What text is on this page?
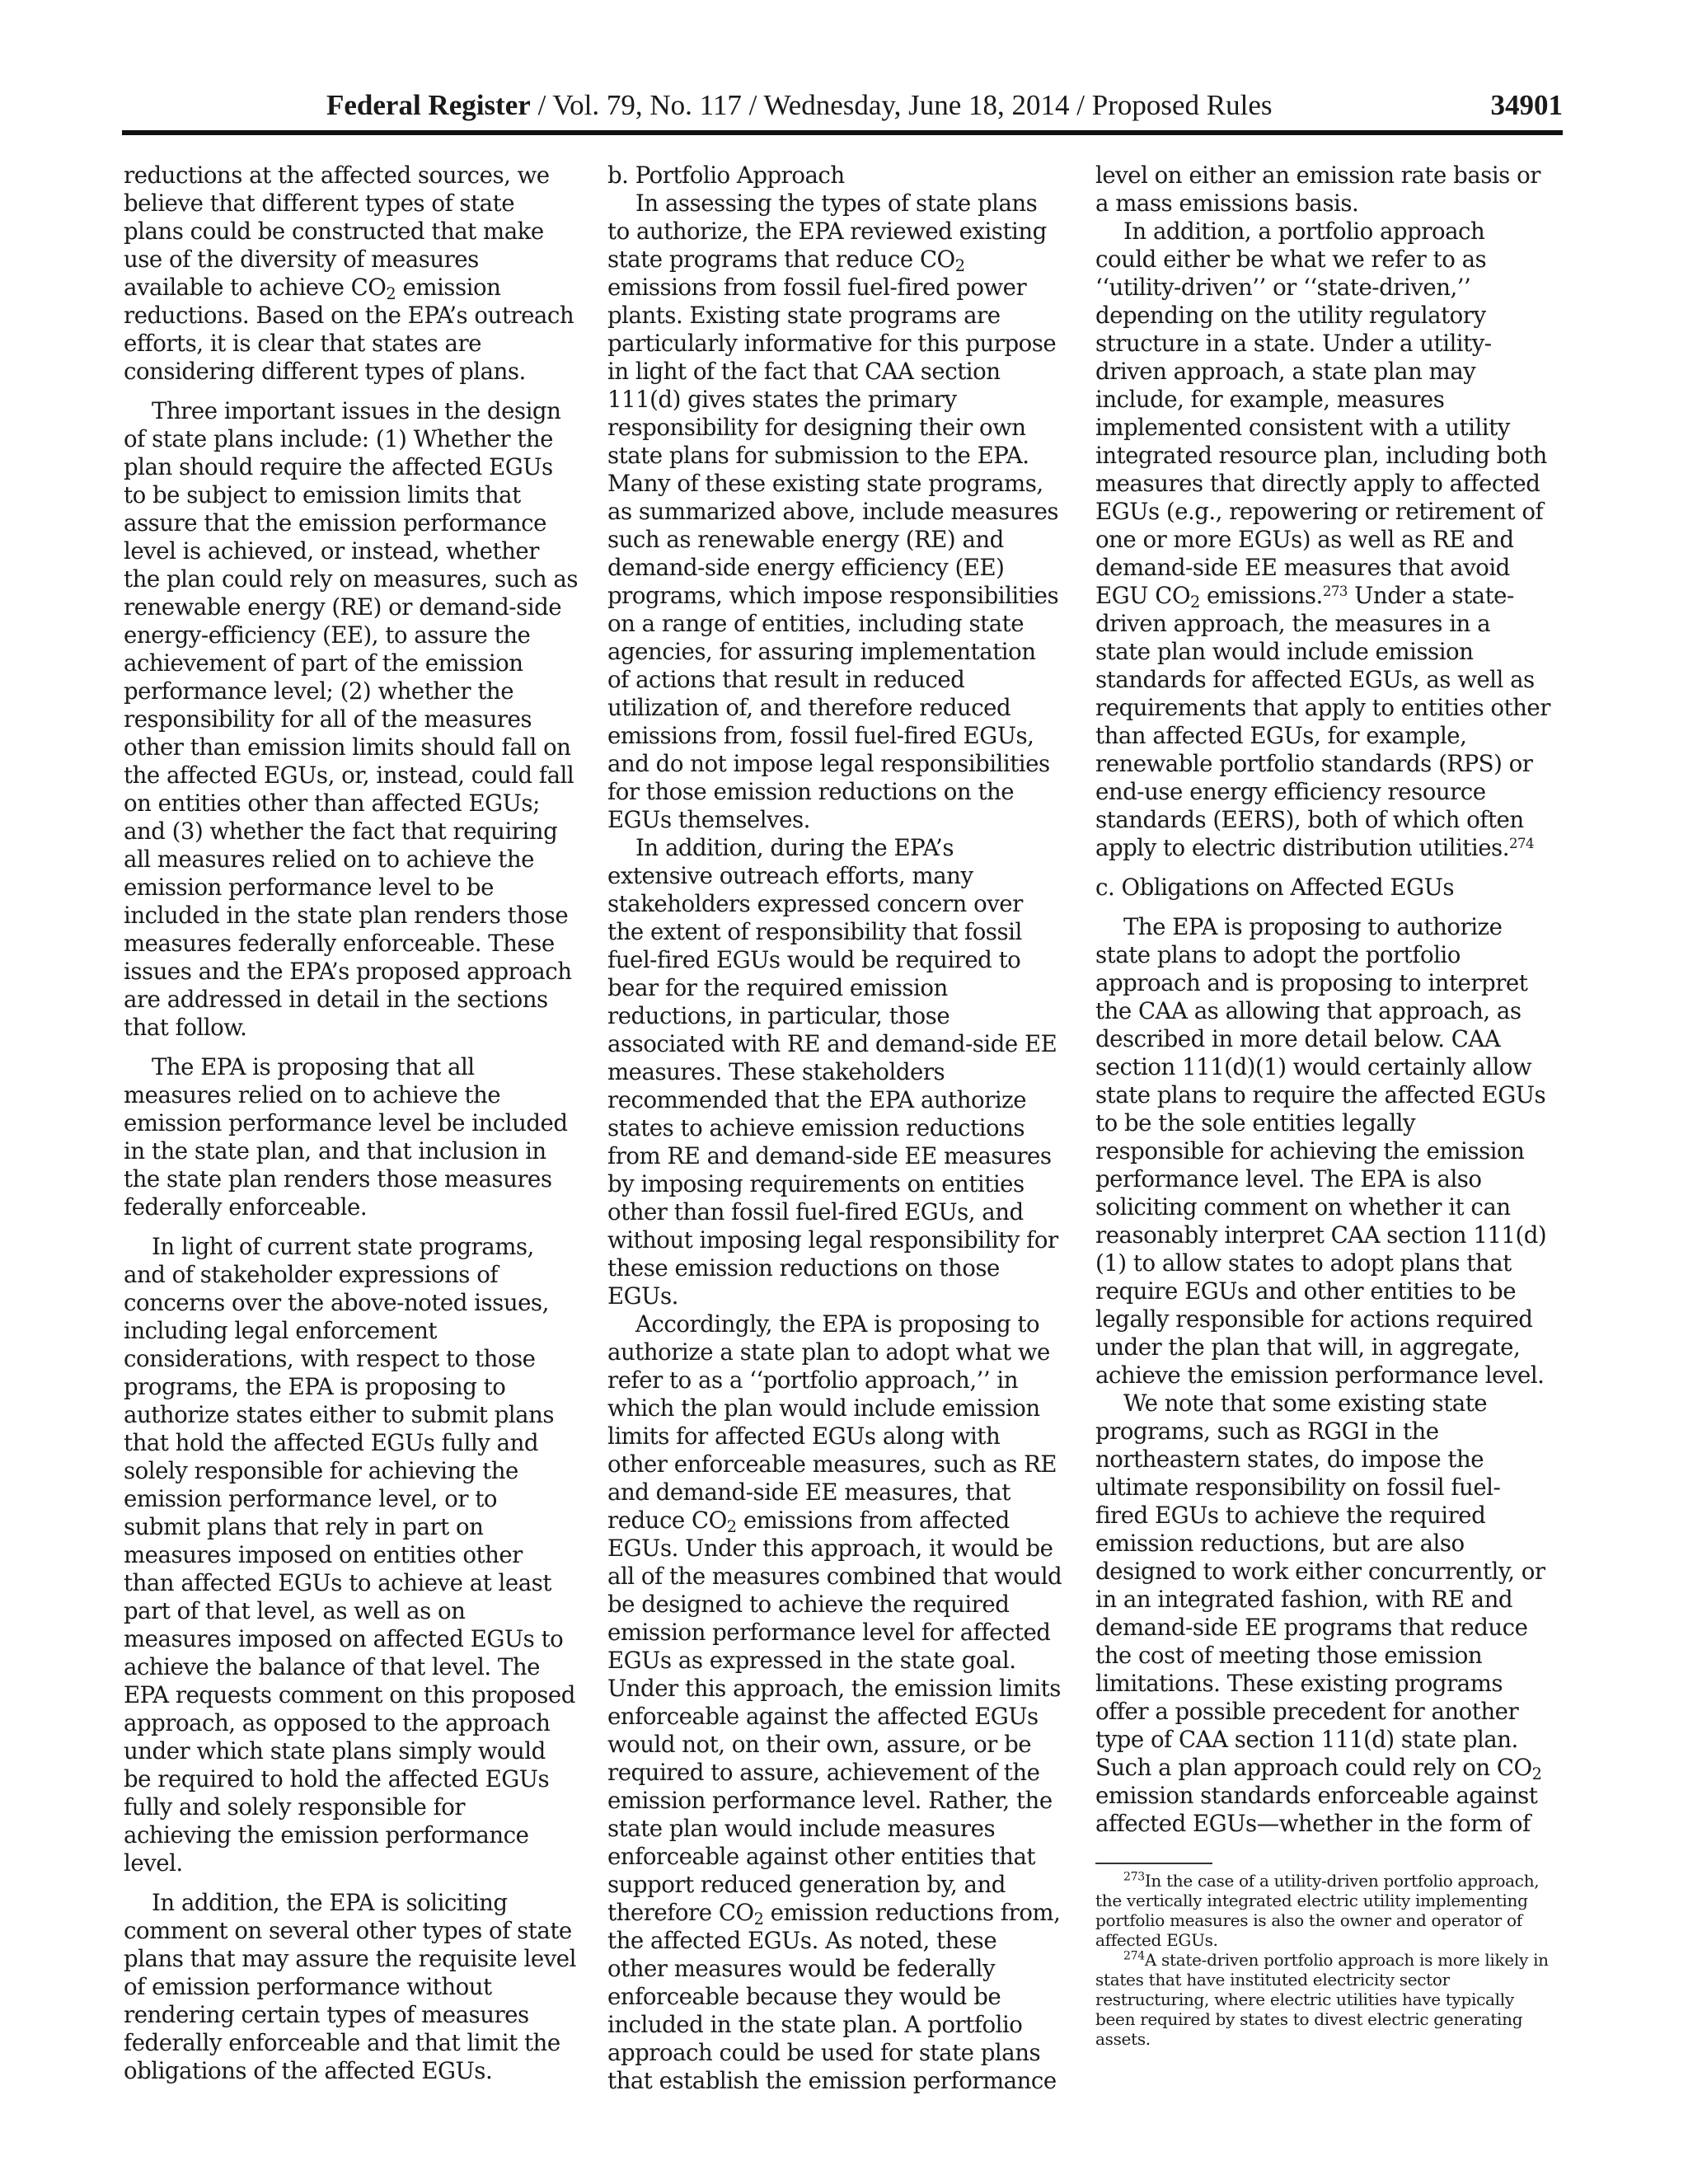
Federal Register / Vol. 79, No. 117 / Wednesday, June 18, 2014 / Proposed Rules	34901

reductions at the affected sources, we believe that different types of state plans could be constructed that make use of the diversity of measures available to achieve $CO_2$ emission reductions. Based on the EPA’s outreach efforts, it is clear that states are considering different types of plans.

Three important issues in the design of state plans include: (1) Whether the plan should require the affected EGUs to be subject to emission limits that assure that the emission performance level is achieved, or instead, whether the plan could rely on measures, such as renewable energy (RE) or demand-side energy-efficiency (EE), to assure the achievement of part of the emission performance level; (2) whether the responsibility for all of the measures other than emission limits should fall on the affected EGUs, or, instead, could fall on entities other than affected EGUs; and (3) whether the fact that requiring all measures relied on to achieve the emission performance level to be included in the state plan renders those measures federally enforceable. These issues and the EPA’s proposed approach are addressed in detail in the sections that follow.

The EPA is proposing that all measures relied on to achieve the emission performance level be included in the state plan, and that inclusion in the state plan renders those measures federally enforceable.

In light of current state programs, and of stakeholder expressions of concerns over the above-noted issues, including legal enforcement considerations, with respect to those programs, the EPA is proposing to authorize states either to submit plans that hold the affected EGUs fully and solely responsible for achieving the emission performance level, or to submit plans that rely in part on measures imposed on entities other than affected EGUs to achieve at least part of that level, as well as on measures imposed on affected EGUs to achieve the balance of that level. The EPA requests comment on this proposed approach, as opposed to the approach under which state plans simply would be required to hold the affected EGUs fully and solely responsible for achieving the emission performance level.

In addition, the EPA is soliciting comment on several other types of state plans that may assure the requisite level of emission performance without rendering certain types of measures federally enforceable and that limit the obligations of the affected EGUs.

b. Portfolio Approach

In assessing the types of state plans to authorize, the EPA reviewed existing state programs that reduce $CO_2$ emissions from fossil fuel-fired power plants. Existing state programs are particularly informative for this purpose in light of the fact that CAA section 111(d) gives states the primary responsibility for designing their own state plans for submission to the EPA. Many of these existing state programs, as summarized above, include measures such as renewable energy (RE) and demand-side energy efficiency (EE) programs, which impose responsibilities on a range of entities, including state agencies, for assuring implementation of actions that result in reduced utilization of, and therefore reduced emissions from, fossil fuel-fired EGUs, and do not impose legal responsibilities for those emission reductions on the EGUs themselves.

In addition, during the EPA’s extensive outreach efforts, many stakeholders expressed concern over the extent of responsibility that fossil fuel-fired EGUs would be required to bear for the required emission reductions, in particular, those associated with RE and demand-side EE measures. These stakeholders recommended that the EPA authorize states to achieve emission reductions from RE and demand-side EE measures by imposing requirements on entities other than fossil fuel-fired EGUs, and without imposing legal responsibility for these emission reductions on those EGUs.

Accordingly, the EPA is proposing to authorize a state plan to adopt what we refer to as a ‘‘portfolio approach,’’ in which the plan would include emission limits for affected EGUs along with other enforceable measures, such as RE and demand-side EE measures, that reduce $CO_2$ emissions from affected EGUs. Under this approach, it would be all of the measures combined that would be designed to achieve the required emission performance level for affected EGUs as expressed in the state goal. Under this approach, the emission limits enforceable against the affected EGUs would not, on their own, assure, or be required to assure, achievement of the emission performance level. Rather, the state plan would include measures enforceable against other entities that support reduced generation by, and therefore $CO_2$ emission reductions from, the affected EGUs. As noted, these other measures would be federally enforceable because they would be included in the state plan. A portfolio approach could be used for state plans that establish the emission performance

level on either an emission rate basis or a mass emissions basis.

In addition, a portfolio approach could either be what we refer to as ‘‘utility-driven’’ or ‘‘state-driven,’’ depending on the utility regulatory structure in a state. Under a utility-driven approach, a state plan may include, for example, measures implemented consistent with a utility integrated resource plan, including both measures that directly apply to affected EGUs (e.g., repowering or retirement of one or more EGUs) as well as RE and demand-side EE measures that avoid EGU $CO_2$ emissions.$^{273}$ Under a state-driven approach, the measures in a state plan would include emission standards for affected EGUs, as well as requirements that apply to entities other than affected EGUs, for example, renewable portfolio standards (RPS) or end-use energy efficiency resource standards (EERS), both of which often apply to electric distribution utilities.$^{274}$

c. Obligations on Affected EGUs

The EPA is proposing to authorize state plans to adopt the portfolio approach and is proposing to interpret the CAA as allowing that approach, as described in more detail below. CAA section 111(d)(1) would certainly allow state plans to require the affected EGUs to be the sole entities legally responsible for achieving the emission performance level. The EPA is also soliciting comment on whether it can reasonably interpret CAA section 111(d)(1) to allow states to adopt plans that require EGUs and other entities to be legally responsible for actions required under the plan that will, in aggregate, achieve the emission performance level.

We note that some existing state programs, such as RGGI in the northeastern states, do impose the ultimate responsibility on fossil fuel-fired EGUs to achieve the required emission reductions, but are also designed to work either concurrently, or in an integrated fashion, with RE and demand-side EE programs that reduce the cost of meeting those emission limitations. These existing programs offer a possible precedent for another type of CAA section 111(d) state plan. Such a plan approach could rely on $CO_2$ emission standards enforceable against affected EGUs—whether in the form of

$^{273}$In the case of a utility-driven portfolio approach, the vertically integrated electric utility implementing portfolio measures is also the owner and operator of affected EGUs.

$^{274}$A state-driven portfolio approach is more likely in states that have instituted electricity sector restructuring, where electric utilities have typically been required by states to divest electric generating assets.
